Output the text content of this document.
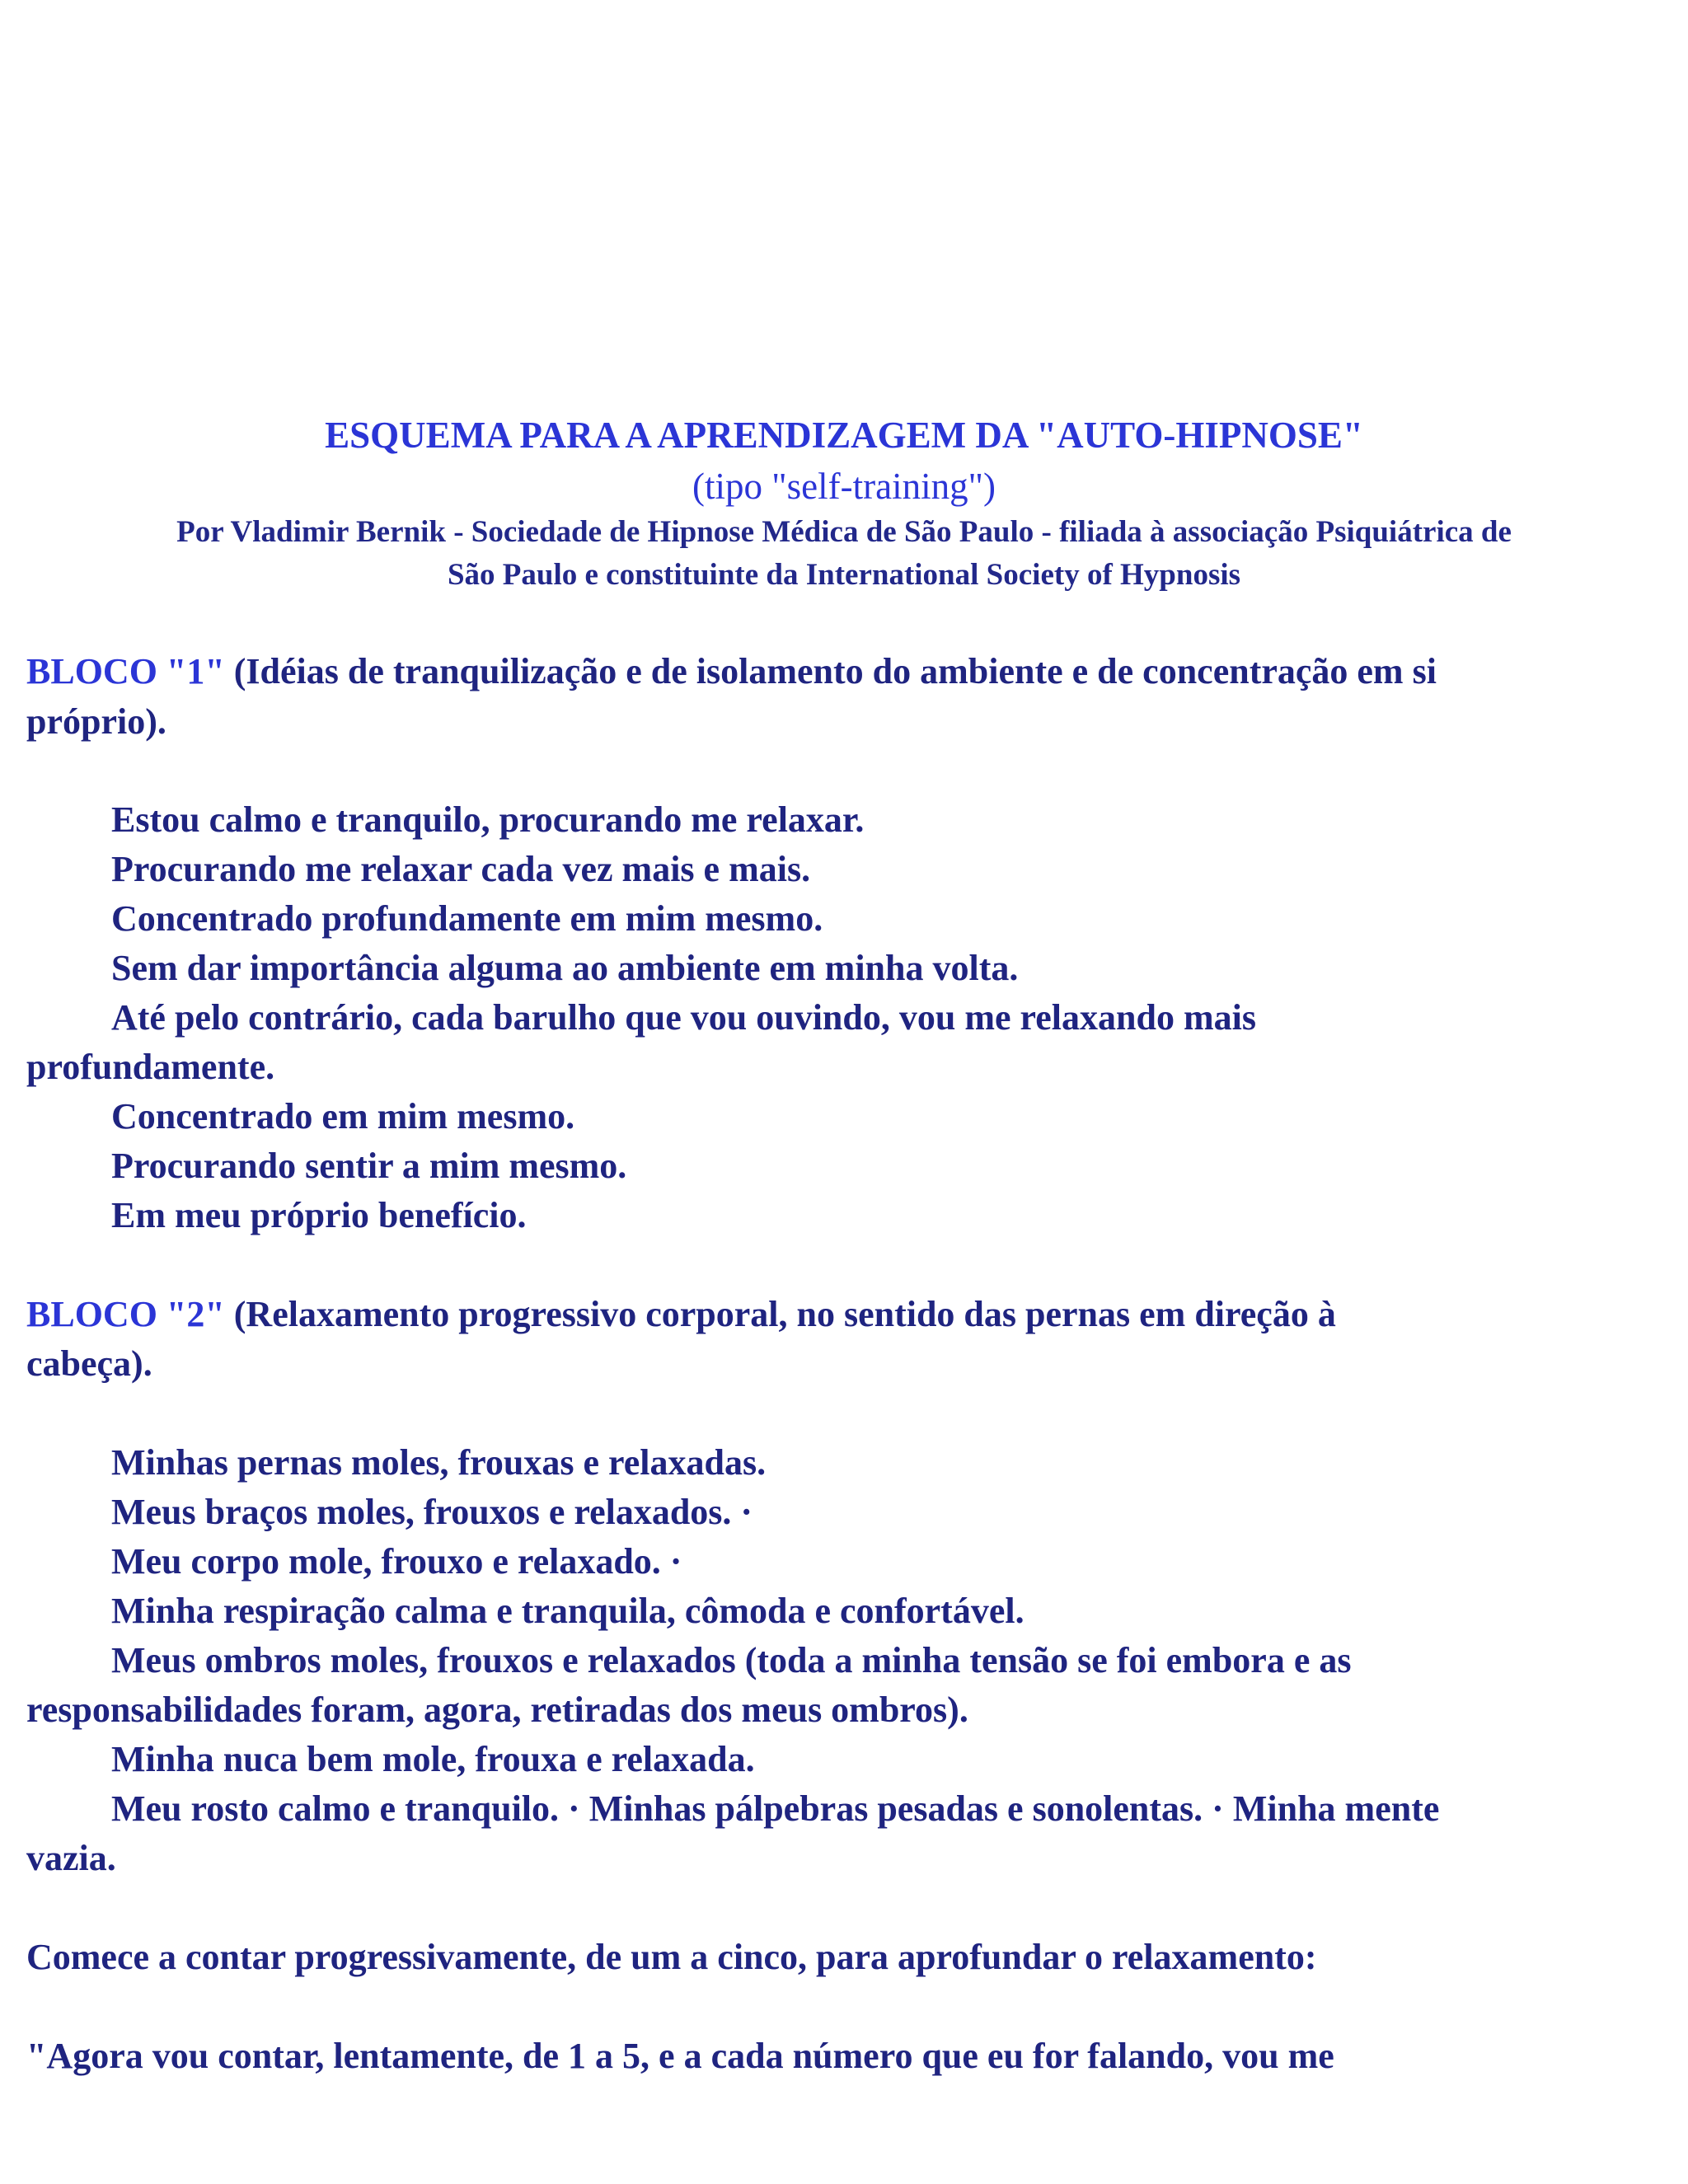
ESQUEMA PARA A APRENDIZAGEM DA "AUTO-HIPNOSE"
(tipo "self-training")
Por Vladimir Bernik - Sociedade de Hipnose Médica de São Paulo - filiada à associação Psiquiátrica de
São Paulo e constituinte da International Society of Hypnosis
BLOCO "1" (Idéias de tranquilização e de isolamento do ambiente e de concentração em si
próprio).
Estou calmo e tranquilo, procurando me relaxar.
Procurando me relaxar cada vez mais e mais.
Concentrado profundamente em mim mesmo.
Sem dar importância alguma ao ambiente em minha volta.
Até pelo contrário, cada barulho que vou ouvindo, vou me relaxando mais
profundamente.
Concentrado em mim mesmo.
Procurando sentir a mim mesmo.
Em meu próprio benefício.
BLOCO "2" (Relaxamento progressivo corporal, no sentido das pernas em direção à
cabeça).
Minhas pernas moles, frouxas e relaxadas.
Meus braços moles, frouxos e relaxados. ·
Meu corpo mole, frouxo e relaxado. ·
Minha respiração calma e tranquila, cômoda e confortável.
Meus ombros moles, frouxos e relaxados (toda a minha tensão se foi embora e as
responsabilidades foram, agora, retiradas dos meus ombros).
Minha nuca bem mole, frouxa e relaxada.
Meu rosto calmo e tranquilo. · Minhas pálpebras pesadas e sonolentas. · Minha mente
vazia.
Comece a contar progressivamente, de um a cinco, para aprofundar o relaxamento:
"Agora vou contar, lentamente, de 1 a 5, e a cada número que eu for falando, vou me
